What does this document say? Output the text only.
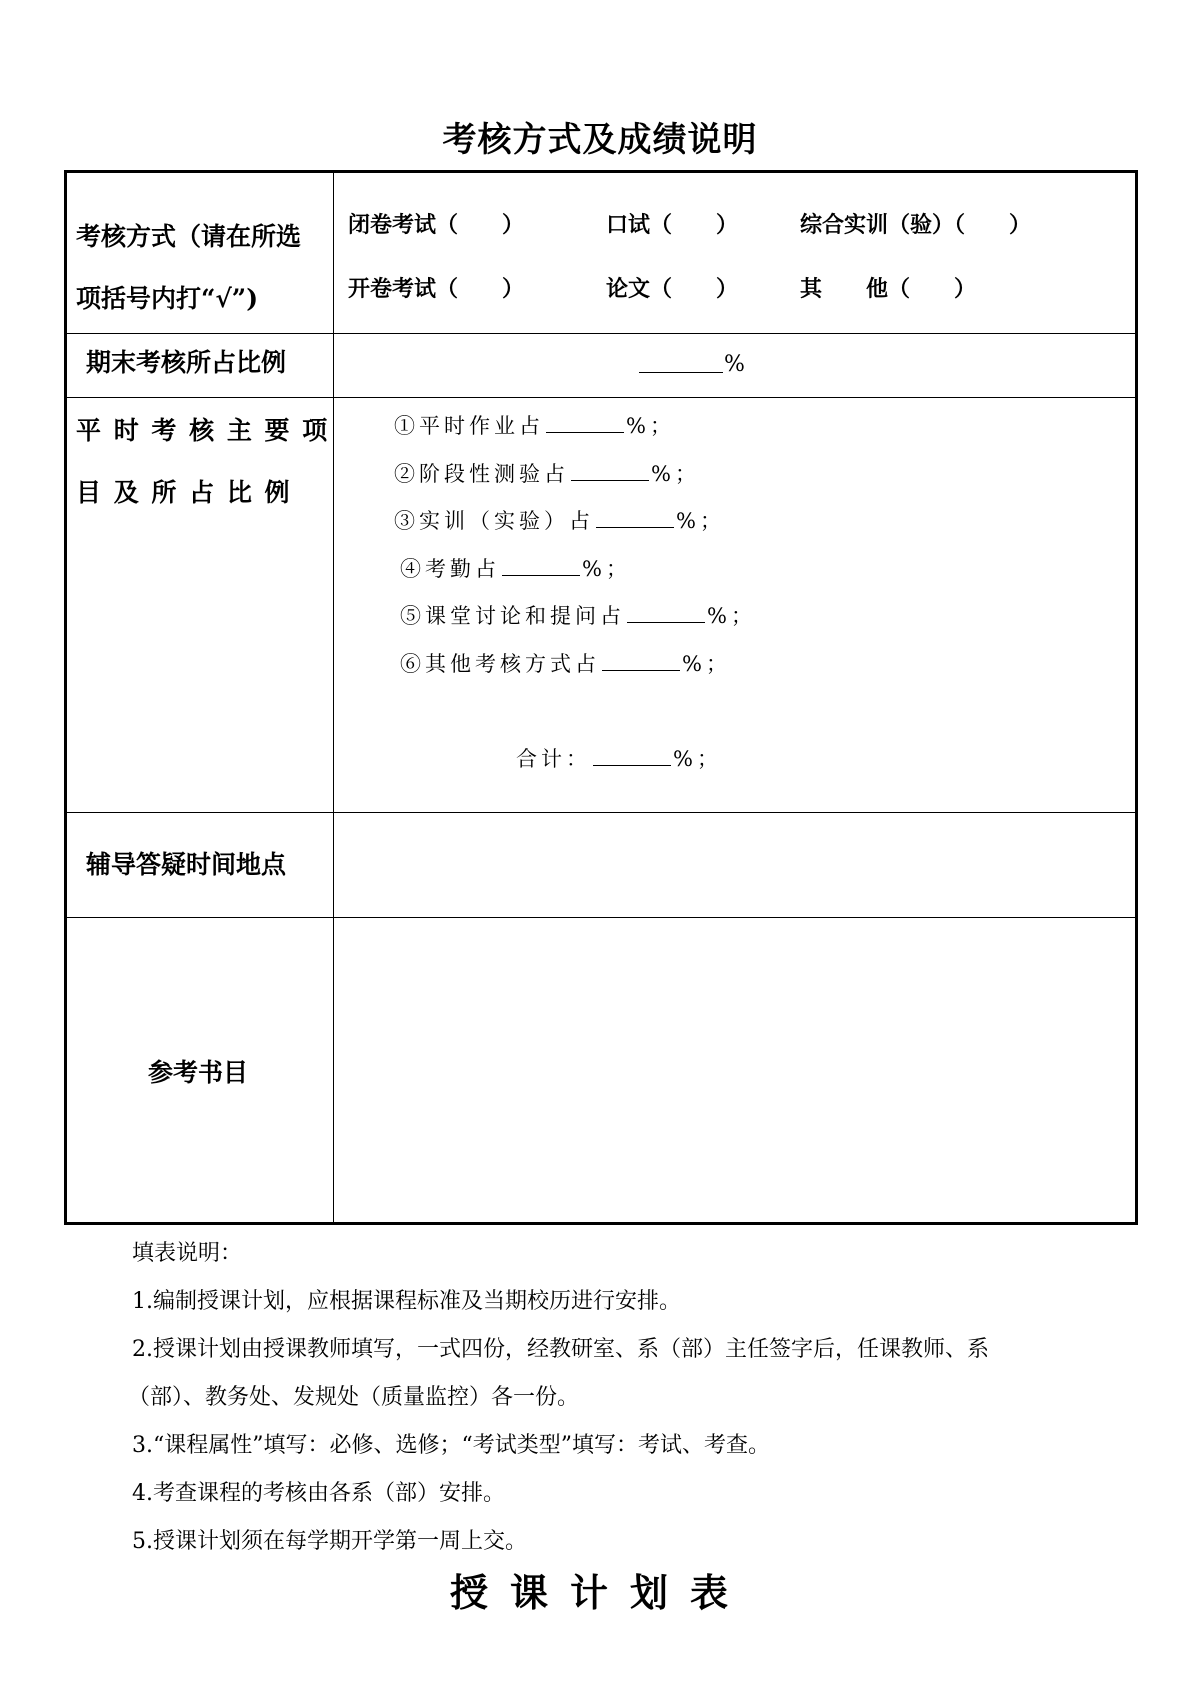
考核方式及成绩说明
考核方式（请在所选
项括号内打“√”)
闭卷考试（　　）	口试（　　）	综合实训（验）（　　）
开卷考试（　　）	论文（　　）	其　　他（　　）
期末考核所占比例	%
平 时 考 核 主 要 项
目 及 所 占 比 例
①平时作业占	%；
②阶段性测验占	%；
③实训（实验）占	%；
④考勤占	%；
⑤课堂讨论和提问占	%；
⑥其他考核方式占	%；
合计：	%；
辅导答疑时间地点
参考书目
填表说明：
1.编制授课计划，应根据课程标准及当期校历进行安排。
2.授课计划由授课教师填写，一式四份，经教研室、系（部）主任签字后，任课教师、系
（部）、教务处、发规处（质量监控）各一份。
3.“课程属性”填写：必修、选修；“考试类型”填写：考试、考查。
4.考查课程的考核由各系（部）安排。
5.授课计划须在每学期开学第一周上交。
授课计划表
